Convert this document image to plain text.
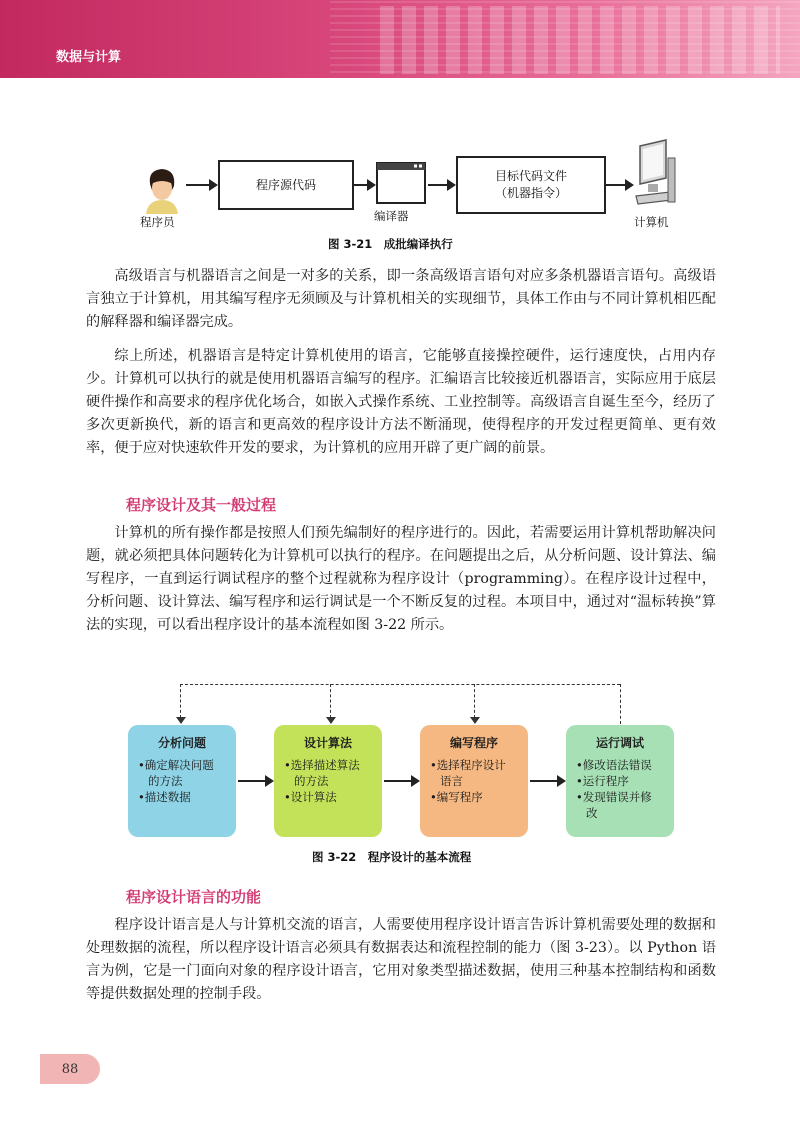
数据与计算
程序员
程序源代码
编译器
目标代码文件
（机器指令）
计算机
图 3-21　成批编译执行

高级语言与机器语言之间是一对多的关系，即一条高级语言语句对应多条机器语言语句。高级语言独立于计算机，用其编写程序无须顾及与计算机相关的实现细节，具体工作由与不同计算机相匹配的解释器和编译器完成。

综上所述，机器语言是特定计算机使用的语言，它能够直接操控硬件，运行速度快，占用内存少。计算机可以执行的就是使用机器语言编写的程序。汇编语言比较接近机器语言，实际应用于底层硬件操作和高要求的程序优化场合，如嵌入式操作系统、工业控制等。高级语言自诞生至今，经历了多次更新换代，新的语言和更高效的程序设计方法不断涌现，使得程序的开发过程更简单、更有效率，便于应对快速软件开发的要求，为计算机的应用开辟了更广阔的前景。

程序设计及其一般过程

计算机的所有操作都是按照人们预先编制好的程序进行的。因此，若需要运用计算机帮助解决问题，就必须把具体问题转化为计算机可以执行的程序。在问题提出之后，从分析问题、设计算法、编写程序，一直到运行调试程序的整个过程就称为程序设计（programming）。在程序设计过程中，分析问题、设计算法、编写程序和运行调试是一个不断反复的过程。本项目中，通过对“温标转换”算法的实现，可以看出程序设计的基本流程如图 3-22 所示。

分析问题
•确定解决问题
的方法
•描述数据
设计算法
•选择描述算法
的方法
•设计算法
编写程序
•选择程序设计
语言
•编写程序
运行调试
•修改语法错误
•运行程序
•发现错误并修
改
图 3-22　程序设计的基本流程
程序设计语言的功能

程序设计语言是人与计算机交流的语言，人需要使用程序设计语言告诉计算机需要处理的数据和处理数据的流程，所以程序设计语言必须具有数据表达和流程控制的能力（图 3-23）。以 Python 语言为例，它是一门面向对象的程序设计语言，它用对象类型描述数据，使用三种基本控制结构和函数等提供数据处理的控制手段。

88
